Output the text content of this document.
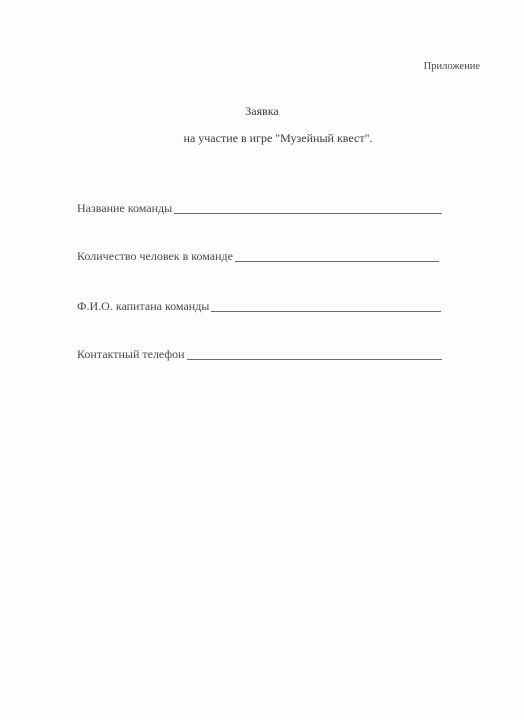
Приложение
Заявка
на участие в игре "Музейный квест".
Название команды
Количество человек в команде
Ф.И.О. капитана команды
Контактный телефон
